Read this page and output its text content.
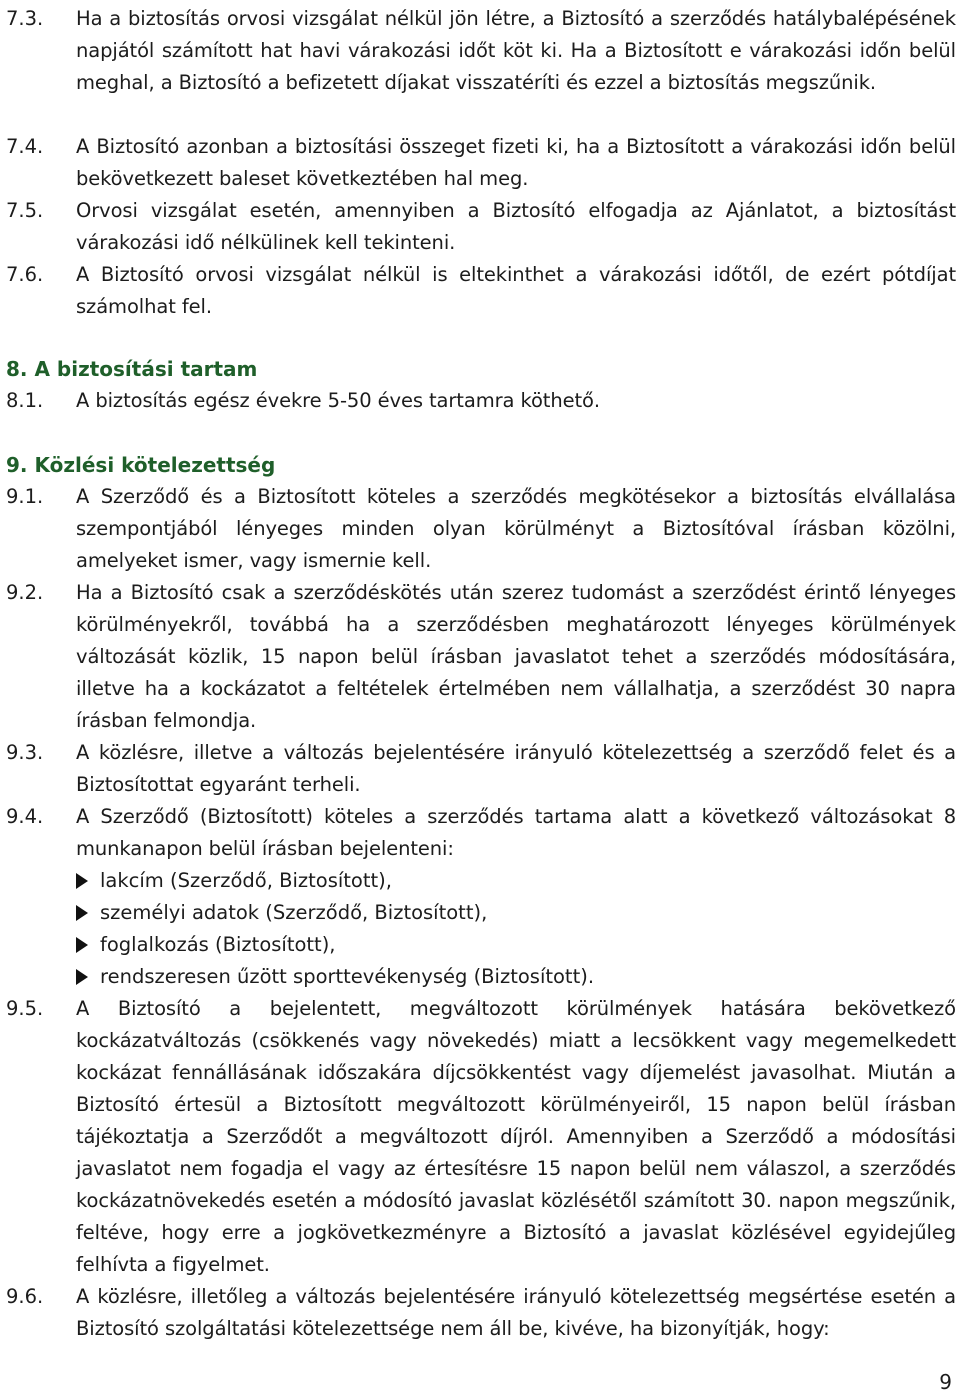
7.3. Ha a biztosítás orvosi vizsgálat nélkül jön létre, a Biztosító a szerződés hatálybalépésének napjától számított hat havi várakozási időt köt ki. Ha a Biztosított e várakozási időn belül meghal, a Biztosító a befizetett díjakat visszatéríti és ezzel a biztosítás megszűnik.
7.4. A Biztosító azonban a biztosítási összeget fizeti ki, ha a Biztosított a várakozási időn belül bekövetkezett baleset következtében hal meg.
7.5. Orvosi vizsgálat esetén, amennyiben a Biztosító elfogadja az Ajánlatot, a biztosítást várakozási idő nélkülinek kell tekinteni.
7.6. A Biztosító orvosi vizsgálat nélkül is eltekinthet a várakozási időtől, de ezért pótdíjat számolhat fel.
8. A biztosítási tartam
8.1. A biztosítás egész évekre 5-50 éves tartamra köthető.
9. Közlési kötelezettség
9.1. A Szerződő és a Biztosított köteles a szerződés megkötésekor a biztosítás elvállalása szempontjából lényeges minden olyan körülményt a Biztosítóval írásban közölni, amelyeket ismer, vagy ismernie kell.
9.2. Ha a Biztosító csak a szerződéskötés után szerez tudomást a szerződést érintő lényeges körülményekről, továbbá ha a szerződésben meghatározott lényeges körülmények változását közlik, 15 napon belül írásban javaslatot tehet a szerződés módosítására, illetve ha a kockázatot a feltételek értelmében nem vállalhatja, a szerződést 30 napra írásban felmondja.
9.3. A közlésre, illetve a változás bejelentésére irányuló kötelezettség a szerződő felet és a Biztosítottat egyaránt terheli.
9.4. A Szerződő (Biztosított) köteles a szerződés tartama alatt a következő változásokat 8 munkanapon belül írásban bejelenteni:
lakcím (Szerződő, Biztosított),
személyi adatok (Szerződő, Biztosított),
foglalkozás (Biztosított),
rendszeresen űzött sporttevékenység (Biztosított).
9.5. A Biztosító a bejelentett, megváltozott körülmények hatására bekövetkező kockázatváltozás (csökkenés vagy növekedés) miatt a lecsökkent vagy megemelkedett kockázat fennállásának időszakára díjcsökkentést vagy díjemelést javasolhat. Miután a Biztosító értesül a Biztosított megváltozott körülményeiről, 15 napon belül írásban tájékoztatja a Szerződőt a megváltozott díjról. Amennyiben a Szerződő a módosítási javaslatot nem fogadja el vagy az értesítésre 15 napon belül nem válaszol, a szerződés kockázatnövekedés esetén a módosító javaslat közlésétől számított 30. napon megszűnik, feltéve, hogy erre a jogkövetkezményre a Biztosító a javaslat közlésével egyidejűleg felhívta a figyelmet.
9.6. A közlésre, illetőleg a változás bejelentésére irányuló kötelezettség megsértése esetén a Biztosító szolgáltatási kötelezettsége nem áll be, kivéve, ha bizonyítják, hogy:
9
